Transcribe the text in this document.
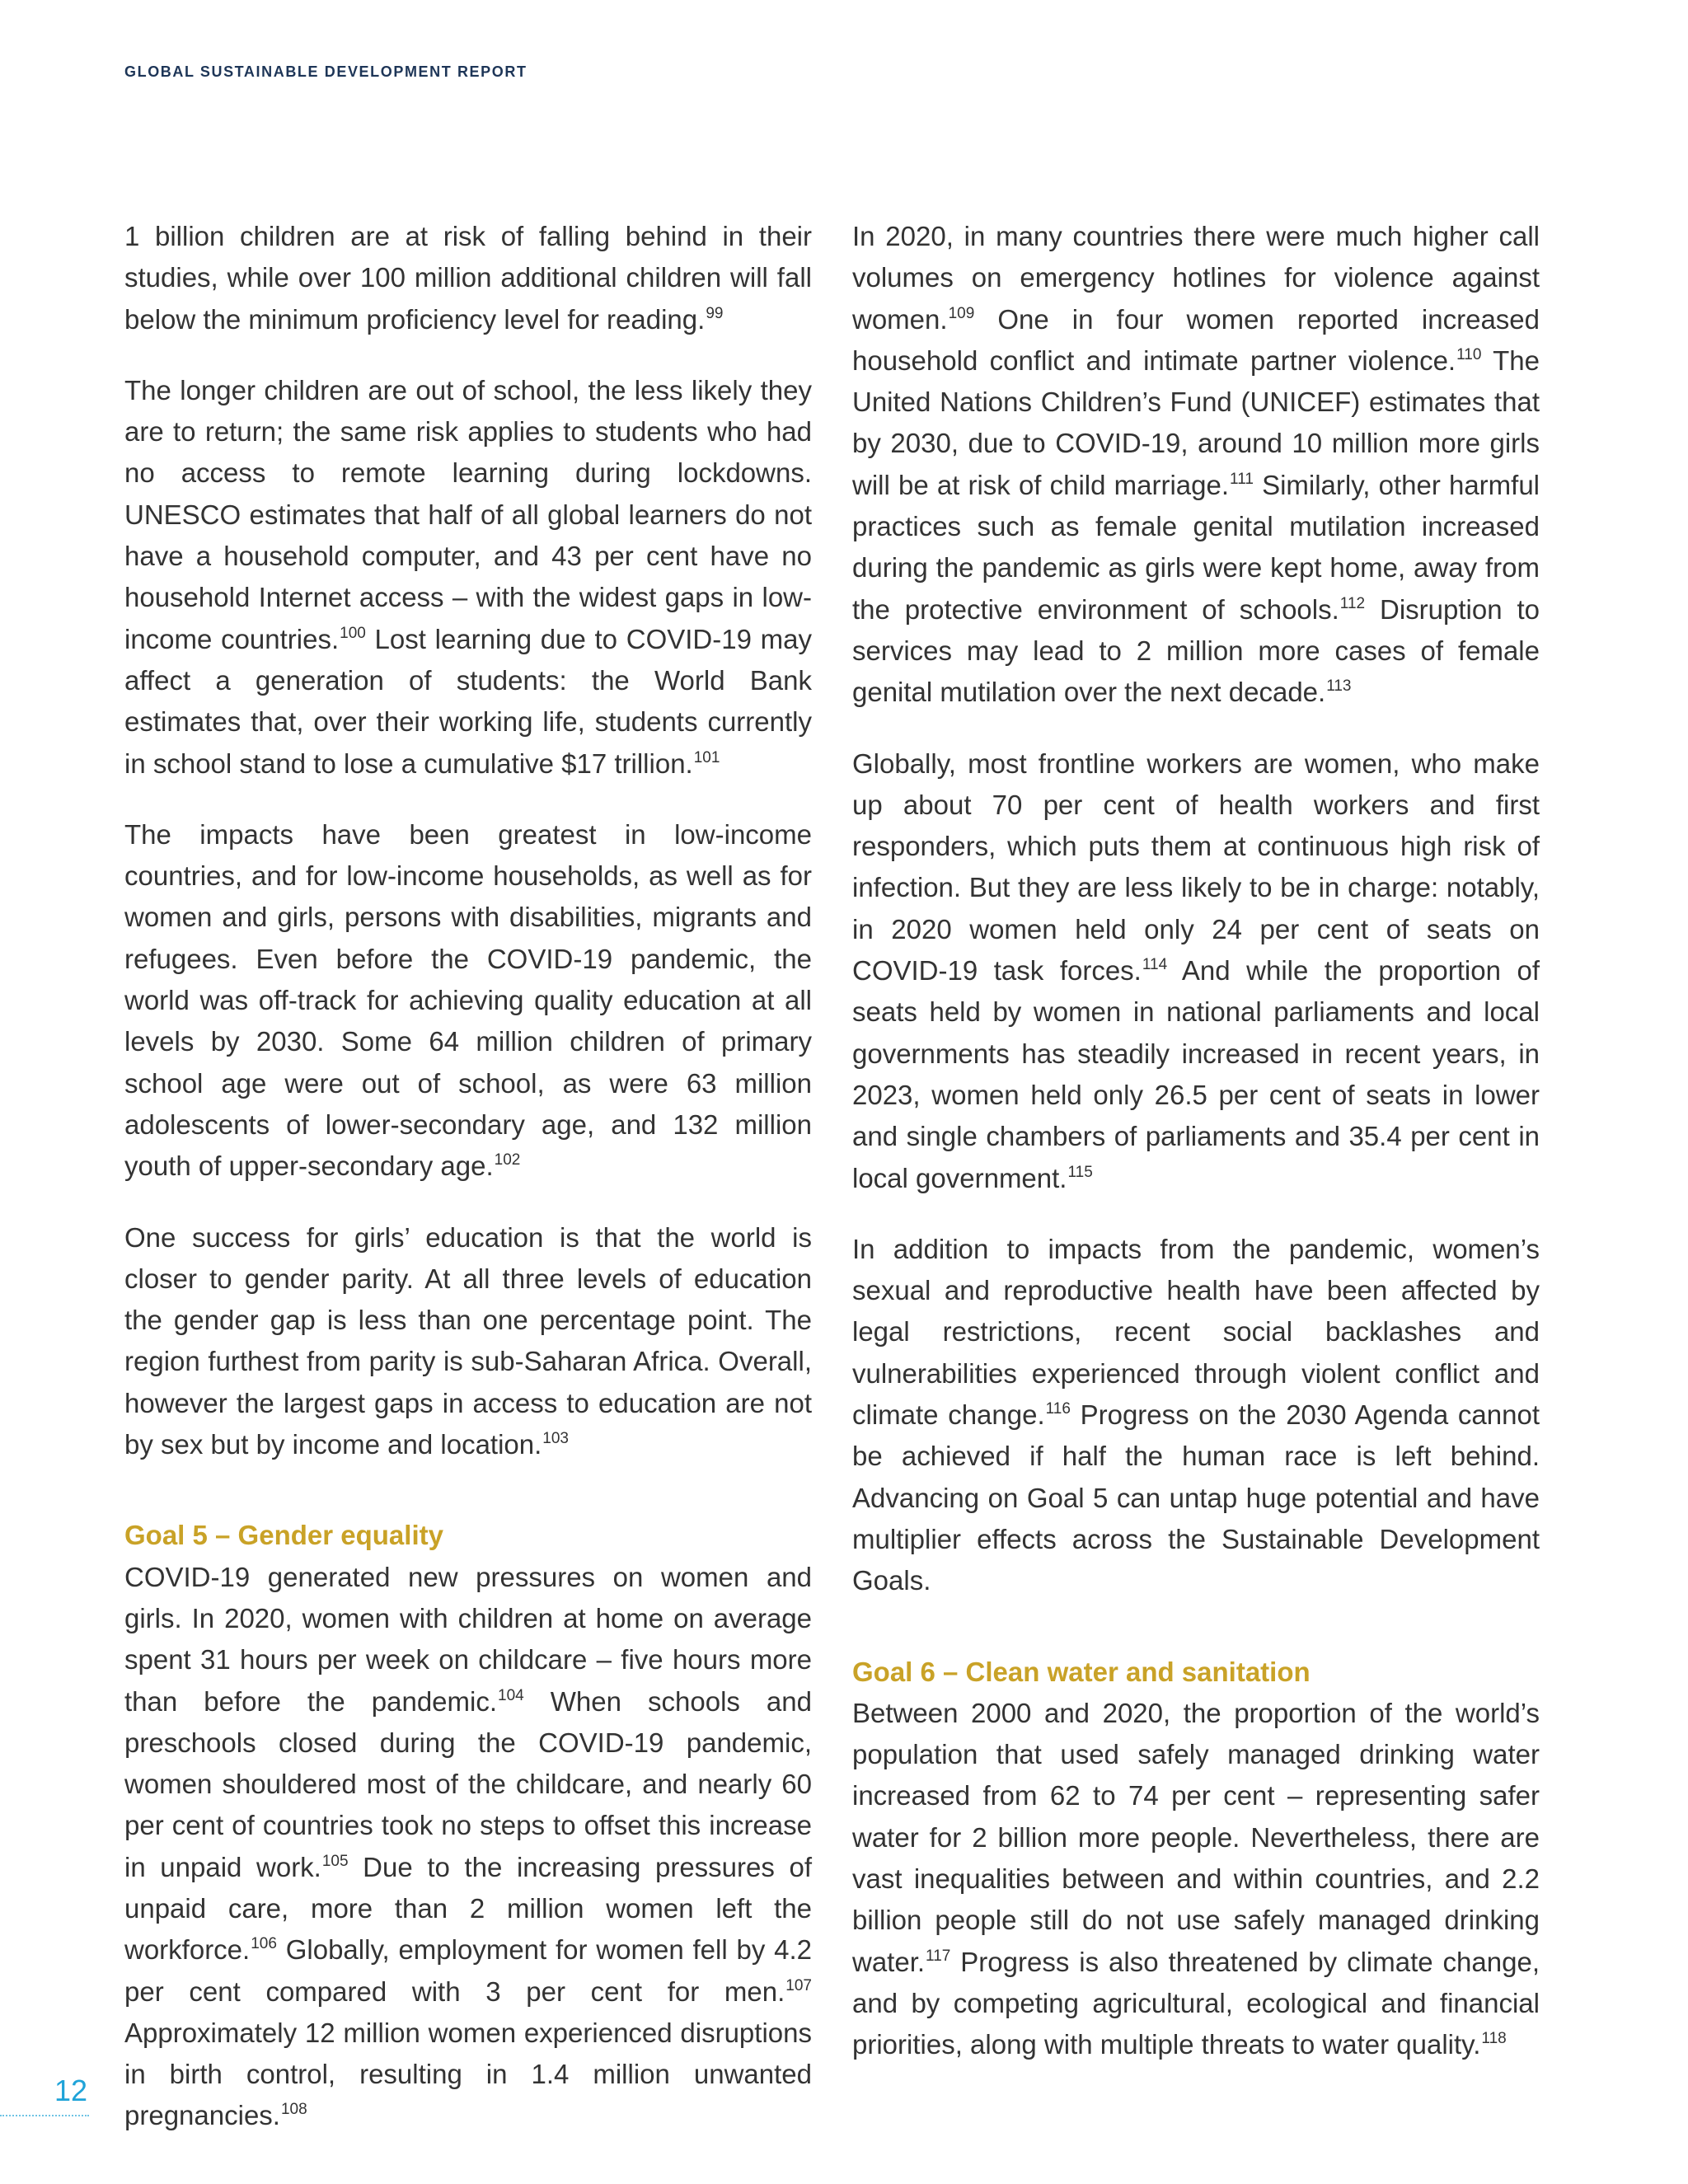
GLOBAL SUSTAINABLE DEVELOPMENT REPORT

1 billion children are at risk of falling behind in their studies, while over 100 million additional children will fall below the minimum proficiency level for reading.$^{99}$

The longer children are out of school, the less likely they are to return; the same risk applies to students who had no access to remote learning during lockdowns. UNESCO estimates that half of all global learners do not have a household computer, and 43 per cent have no household Internet access – with the widest gaps in low-income countries.$^{100}$ Lost learning due to COVID-19 may affect a generation of students: the World Bank estimates that, over their working life, students currently in school stand to lose a cumulative $17 trillion.$^{101}$

The impacts have been greatest in low-income countries, and for low-income households, as well as for women and girls, persons with disabilities, migrants and refugees. Even before the COVID-19 pandemic, the world was off-track for achieving quality education at all levels by 2030. Some 64 million children of primary school age were out of school, as were 63 million adolescents of lower-secondary age, and 132 million youth of upper-secondary age.$^{102}$

One success for girls’ education is that the world is closer to gender parity. At all three levels of education the gender gap is less than one percentage point. The region furthest from parity is sub-Saharan Africa. Overall, however the largest gaps in access to education are not by sex but by income and location.$^{103}$

Goal 5 – Gender equality

COVID-19 generated new pressures on women and girls. In 2020, women with children at home on average spent 31 hours per week on childcare – five hours more than before the pandemic.$^{104}$ When schools and preschools closed during the COVID-19 pandemic, women shouldered most of the childcare, and nearly 60 per cent of countries took no steps to offset this increase in unpaid work.$^{105}$ Due to the increasing pressures of unpaid care, more than 2 million women left the workforce.$^{106}$ Globally, employment for women fell by 4.2 per cent compared with 3 per cent for men.$^{107}$ Approximately 12 million women experienced disruptions in birth control, resulting in 1.4 million unwanted pregnancies.$^{108}$

In 2020, in many countries there were much higher call volumes on emergency hotlines for violence against women.$^{109}$ One in four women reported increased household conflict and intimate partner violence.$^{110}$ The United Nations Children’s Fund (UNICEF) estimates that by 2030, due to COVID-19, around 10 million more girls will be at risk of child marriage.$^{111}$ Similarly, other harmful practices such as female genital mutilation increased during the pandemic as girls were kept home, away from the protective environment of schools.$^{112}$ Disruption to services may lead to 2 million more cases of female genital mutilation over the next decade.$^{113}$

Globally, most frontline workers are women, who make up about 70 per cent of health workers and first responders, which puts them at continuous high risk of infection. But they are less likely to be in charge: notably, in 2020 women held only 24 per cent of seats on COVID-19 task forces.$^{114}$ And while the proportion of seats held by women in national parliaments and local governments has steadily increased in recent years, in 2023, women held only 26.5 per cent of seats in lower and single chambers of parliaments and 35.4 per cent in local government.$^{115}$

In addition to impacts from the pandemic, women’s sexual and reproductive health have been affected by legal restrictions, recent social backlashes and vulnerabilities experienced through violent conflict and climate change.$^{116}$ Progress on the 2030 Agenda cannot be achieved if half the human race is left behind. Advancing on Goal 5 can untap huge potential and have multiplier effects across the Sustainable Development Goals.

Goal 6 – Clean water and sanitation

Between 2000 and 2020, the proportion of the world’s population that used safely managed drinking water increased from 62 to 74 per cent – representing safer water for 2 billion more people. Nevertheless, there are vast inequalities between and within countries, and 2.2 billion people still do not use safely managed drinking water.$^{117}$ Progress is also threatened by climate change, and by competing agricultural, ecological and financial priorities, along with multiple threats to water quality.$^{118}$

12
